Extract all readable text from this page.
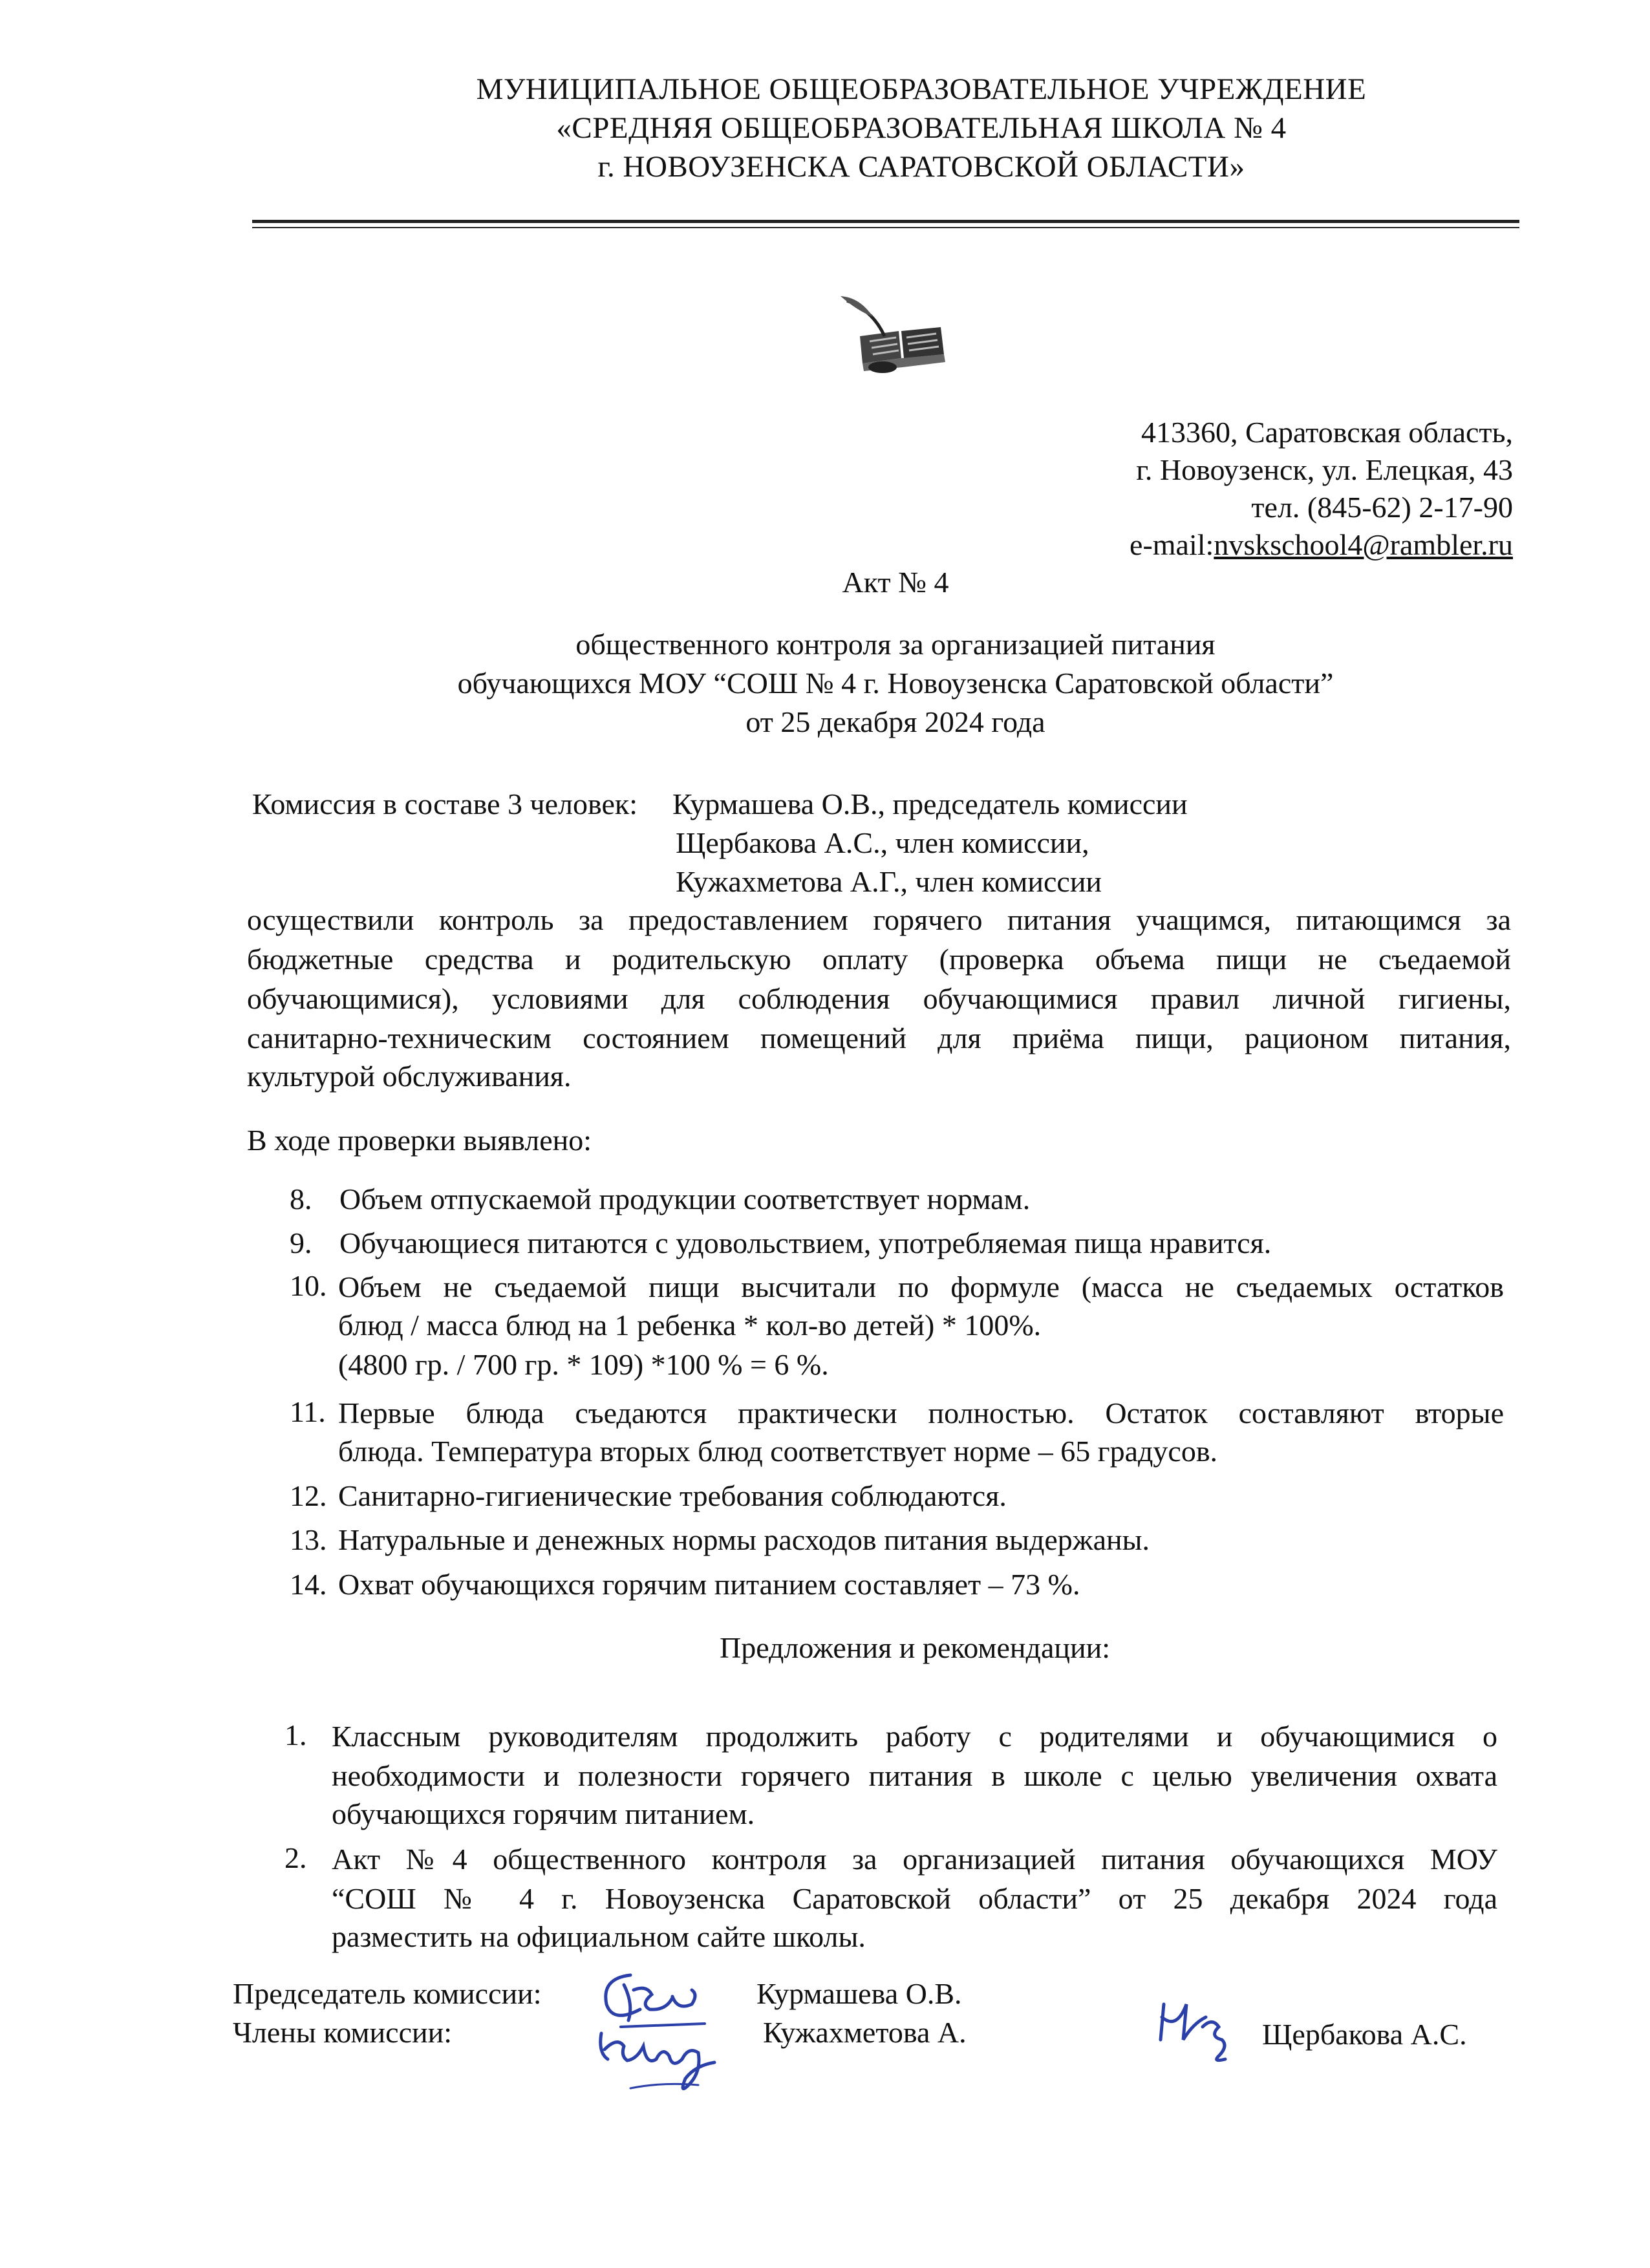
МУНИЦИПАЛЬНОЕ ОБЩЕОБРАЗОВАТЕЛЬНОЕ УЧРЕЖДЕНИЕ
«СРЕДНЯЯ ОБЩЕОБРАЗОВАТЕЛЬНАЯ ШКОЛА № 4
г. НОВОУЗЕНСКА САРАТОВСКОЙ ОБЛАСТИ»
413360, Саратовская область,
г. Новоузенск, ул. Елецкая, 43
тел. (845-62) 2-17-90
e-mail:nvskschool4@rambler.ru
Акт № 4
общественного контроля за организацией питания
обучающихся МОУ “СОШ № 4 г. Новоузенска Саратовской области”
от 25 декабря 2024 года
Комиссия в составе 3 человек: Курмашева О.В., председатель комиссии
Щербакова А.С., член комиссии,
Кужахметова А.Г., член комиссии
осуществили контроль за предоставлением горячего питания учащимся, питающимся за
бюджетные средства и родительскую оплату (проверка объема пищи не съедаемой
обучающимися), условиями для соблюдения обучающимися правил личной гигиены,
санитарно-техническим состоянием помещений для приёма пищи, рационом питания,
культурой обслуживания.
В ходе проверки выявлено:
8. Объем отпускаемой продукции соответствует нормам.
9. Обучающиеся питаются с удовольствием, употребляемая пища нравится.
10. Объем не съедаемой пищи высчитали по формуле (масса не съедаемых остатков
блюд / масса блюд на 1 ребенка * кол-во детей) * 100%.
(4800 гр. / 700 гр. * 109) *100 % = 6 %.
11. Первые блюда съедаются практически полностью. Остаток составляют вторые
блюда. Температура вторых блюд соответствует норме – 65 градусов.
12. Санитарно-гигиенические требования соблюдаются.
13. Натуральные и денежных нормы расходов питания выдержаны.
14. Охват обучающихся горячим питанием составляет – 73 %.
Предложения и рекомендации:
1. Классным руководителям продолжить работу с родителями и обучающимися о
необходимости и полезности горячего питания в школе с целью увеличения охвата
обучающихся горячим питанием.
2. Акт №4 общественного контроля за организацией питания обучающихся МОУ
“СОШ № 4 г. Новоузенска Саратовской области” от 25 декабря 2024 года
разместить на официальном сайте школы.
Председатель комиссии:
Члены комиссии:
Курмашева О.В.
Кужахметова А.	Щербакова А.С.
